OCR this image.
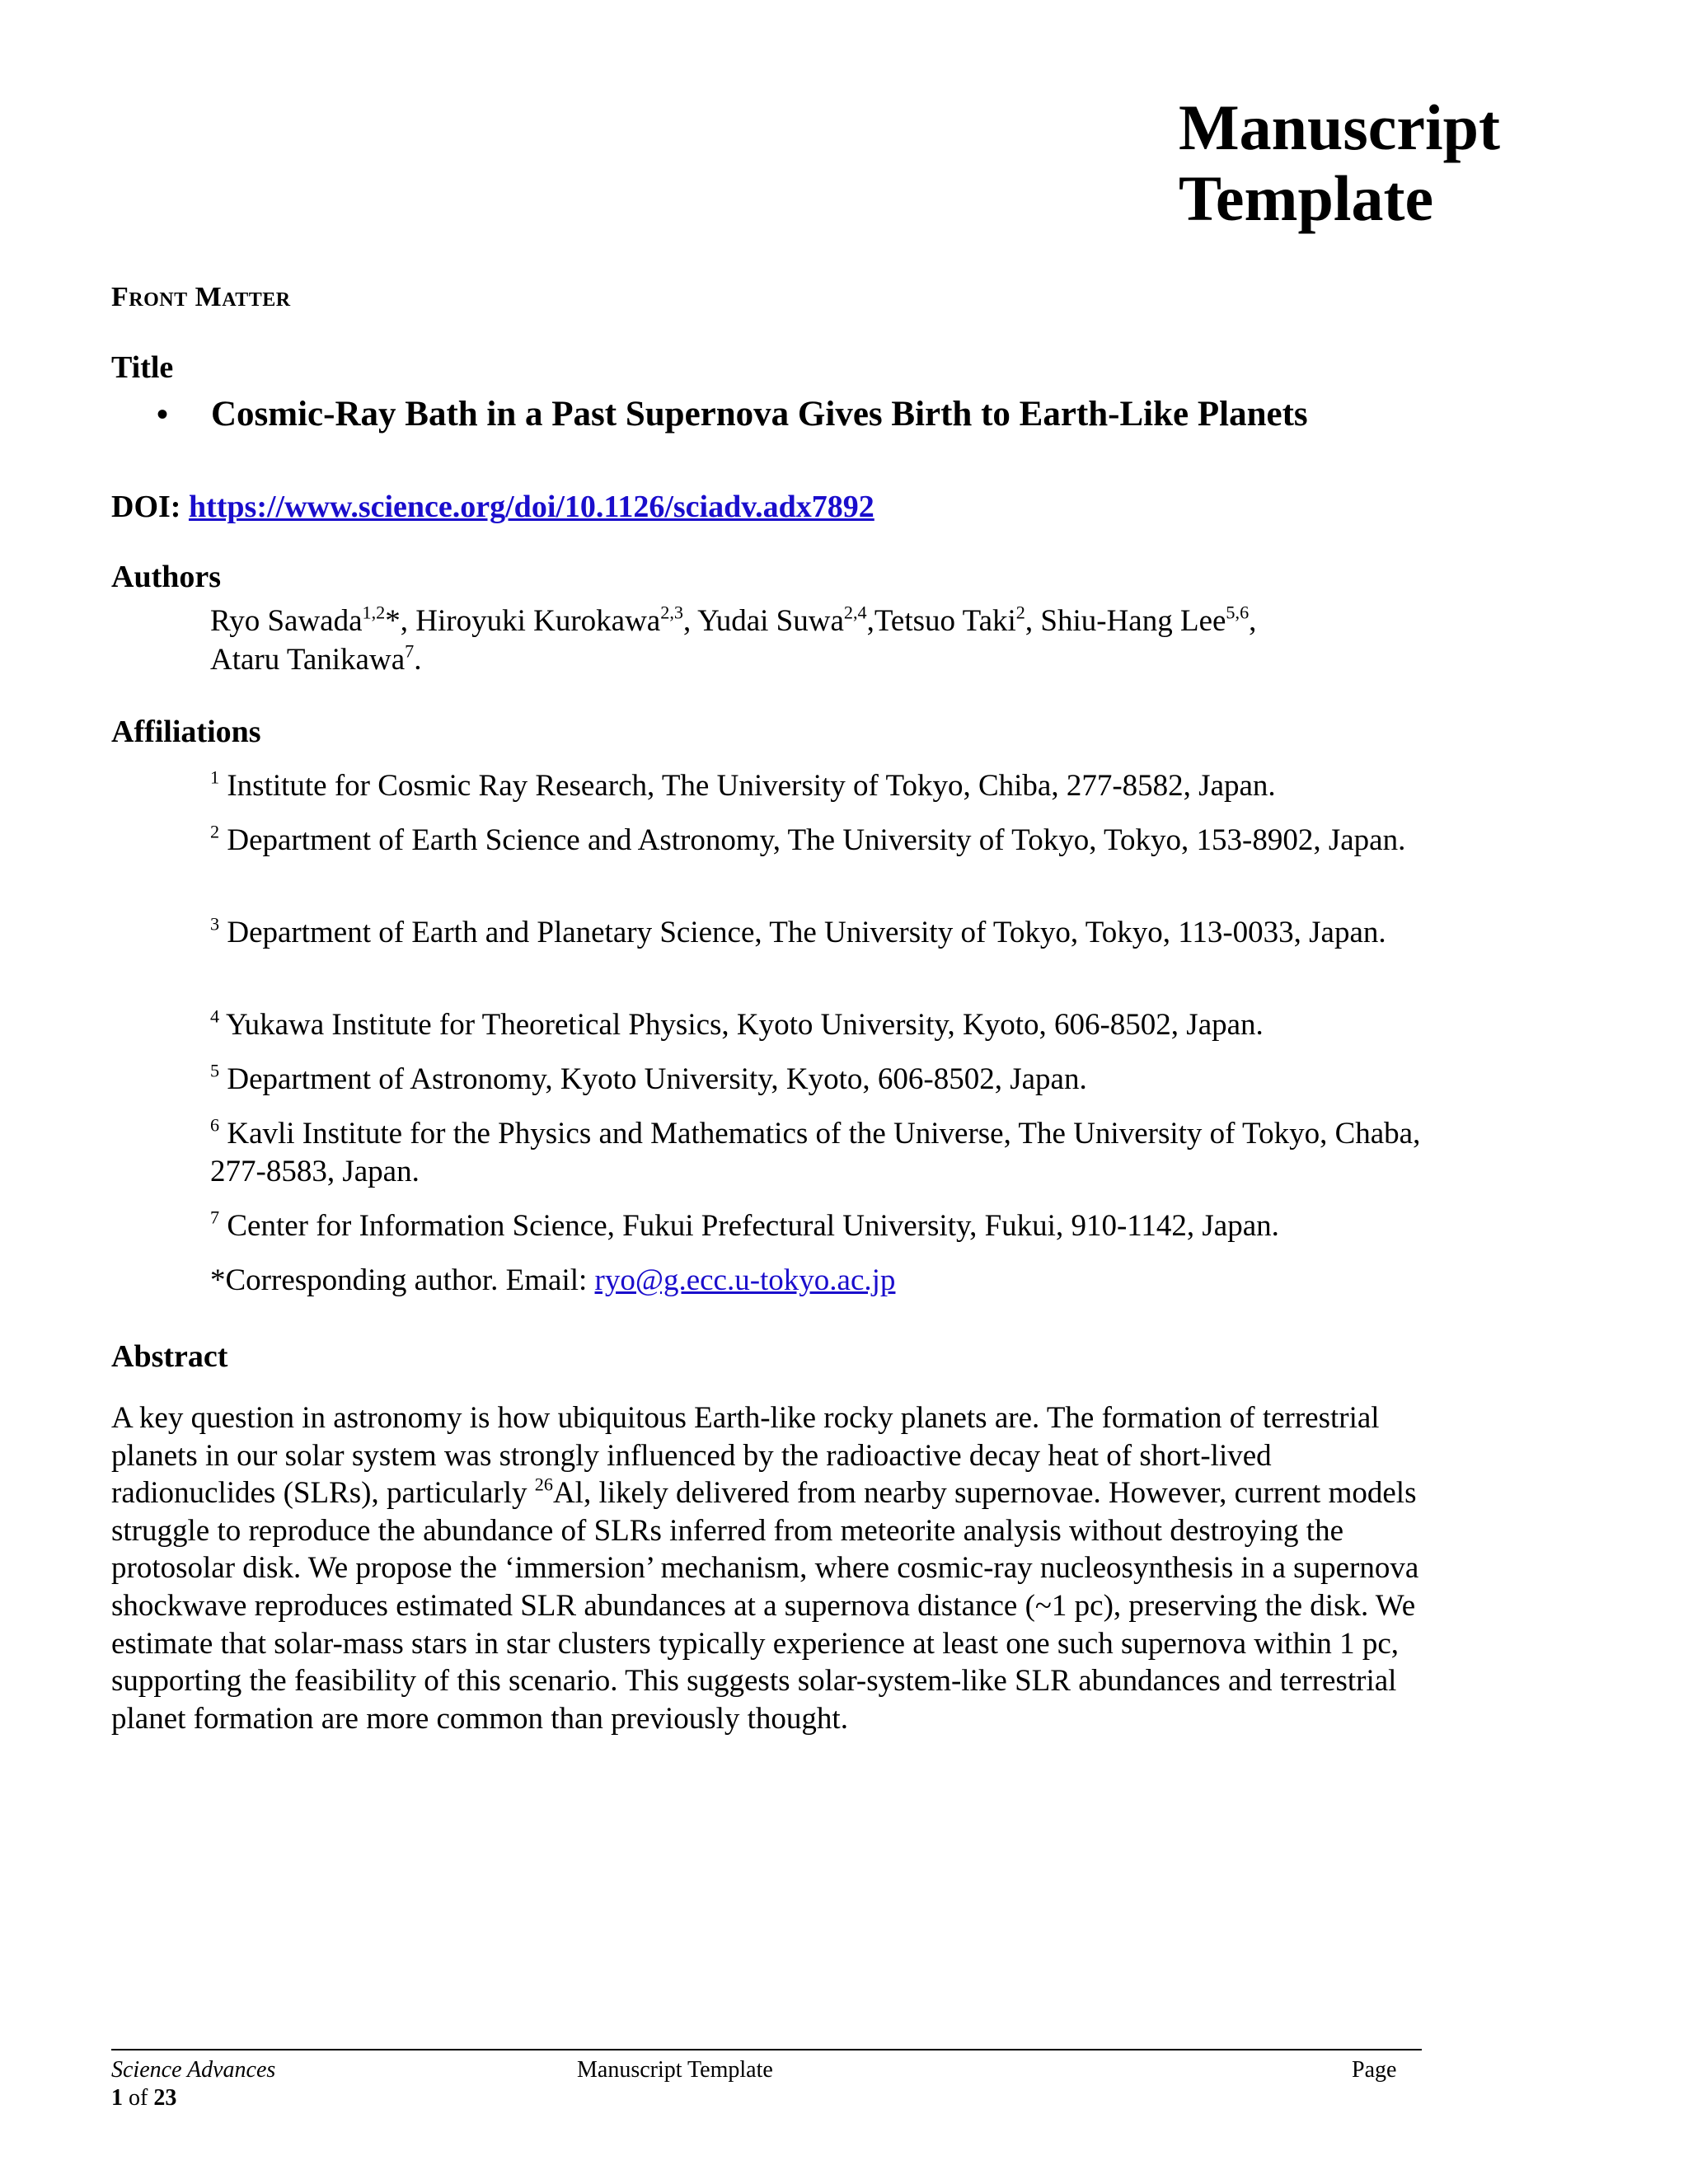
Manuscript
Template
Front Matter
Title
• Cosmic-Ray Bath in a Past Supernova Gives Birth to Earth-Like Planets
DOI: https://www.science.org/doi/10.1126/sciadv.adx7892
Authors
Ryo Sawada$^{1,2}$*, Hiroyuki Kurokawa$^{2,3}$, Yudai Suwa$^{2,4}$,Tetsuo Taki$^2$, Shiu-Hang Lee$^{5,6}$,
Ataru Tanikawa$^7$.
Affiliations
$^1$ Institute for Cosmic Ray Research, The University of Tokyo, Chiba, 277-8582, Japan.
$^2$ Department of Earth Science and Astronomy, The University of Tokyo, Tokyo, 153-8902, Japan.
$^3$ Department of Earth and Planetary Science, The University of Tokyo, Tokyo, 113-0033, Japan.
$^4$ Yukawa Institute for Theoretical Physics, Kyoto University, Kyoto, 606-8502, Japan.
$^5$ Department of Astronomy, Kyoto University, Kyoto, 606-8502, Japan.
$^6$ Kavli Institute for the Physics and Mathematics of the Universe, The University of Tokyo, Chaba, 277-8583, Japan.
$^7$ Center for Information Science, Fukui Prefectural University, Fukui, 910-1142, Japan.
*Corresponding author. Email: ryo@g.ecc.u-tokyo.ac.jp
Abstract
A key question in astronomy is how ubiquitous Earth-like rocky planets are. The formation of terrestrial planets in our solar system was strongly influenced by the radioactive decay heat of short-lived radionuclides (SLRs), particularly $^{26}$Al, likely delivered from nearby supernovae. However, current models struggle to reproduce the abundance of SLRs inferred from meteorite analysis without destroying the protosolar disk. We propose the ‘immersion’ mechanism, where cosmic-ray nucleosynthesis in a supernova shockwave reproduces estimated SLR abundances at a supernova distance (~1 pc), preserving the disk. We estimate that solar-mass stars in star clusters typically experience at least one such supernova within 1 pc, supporting the feasibility of this scenario. This suggests solar-system-like SLR abundances and terrestrial planet formation are more common than previously thought.
Science Advances	Manuscript Template	Page
1 of 23
